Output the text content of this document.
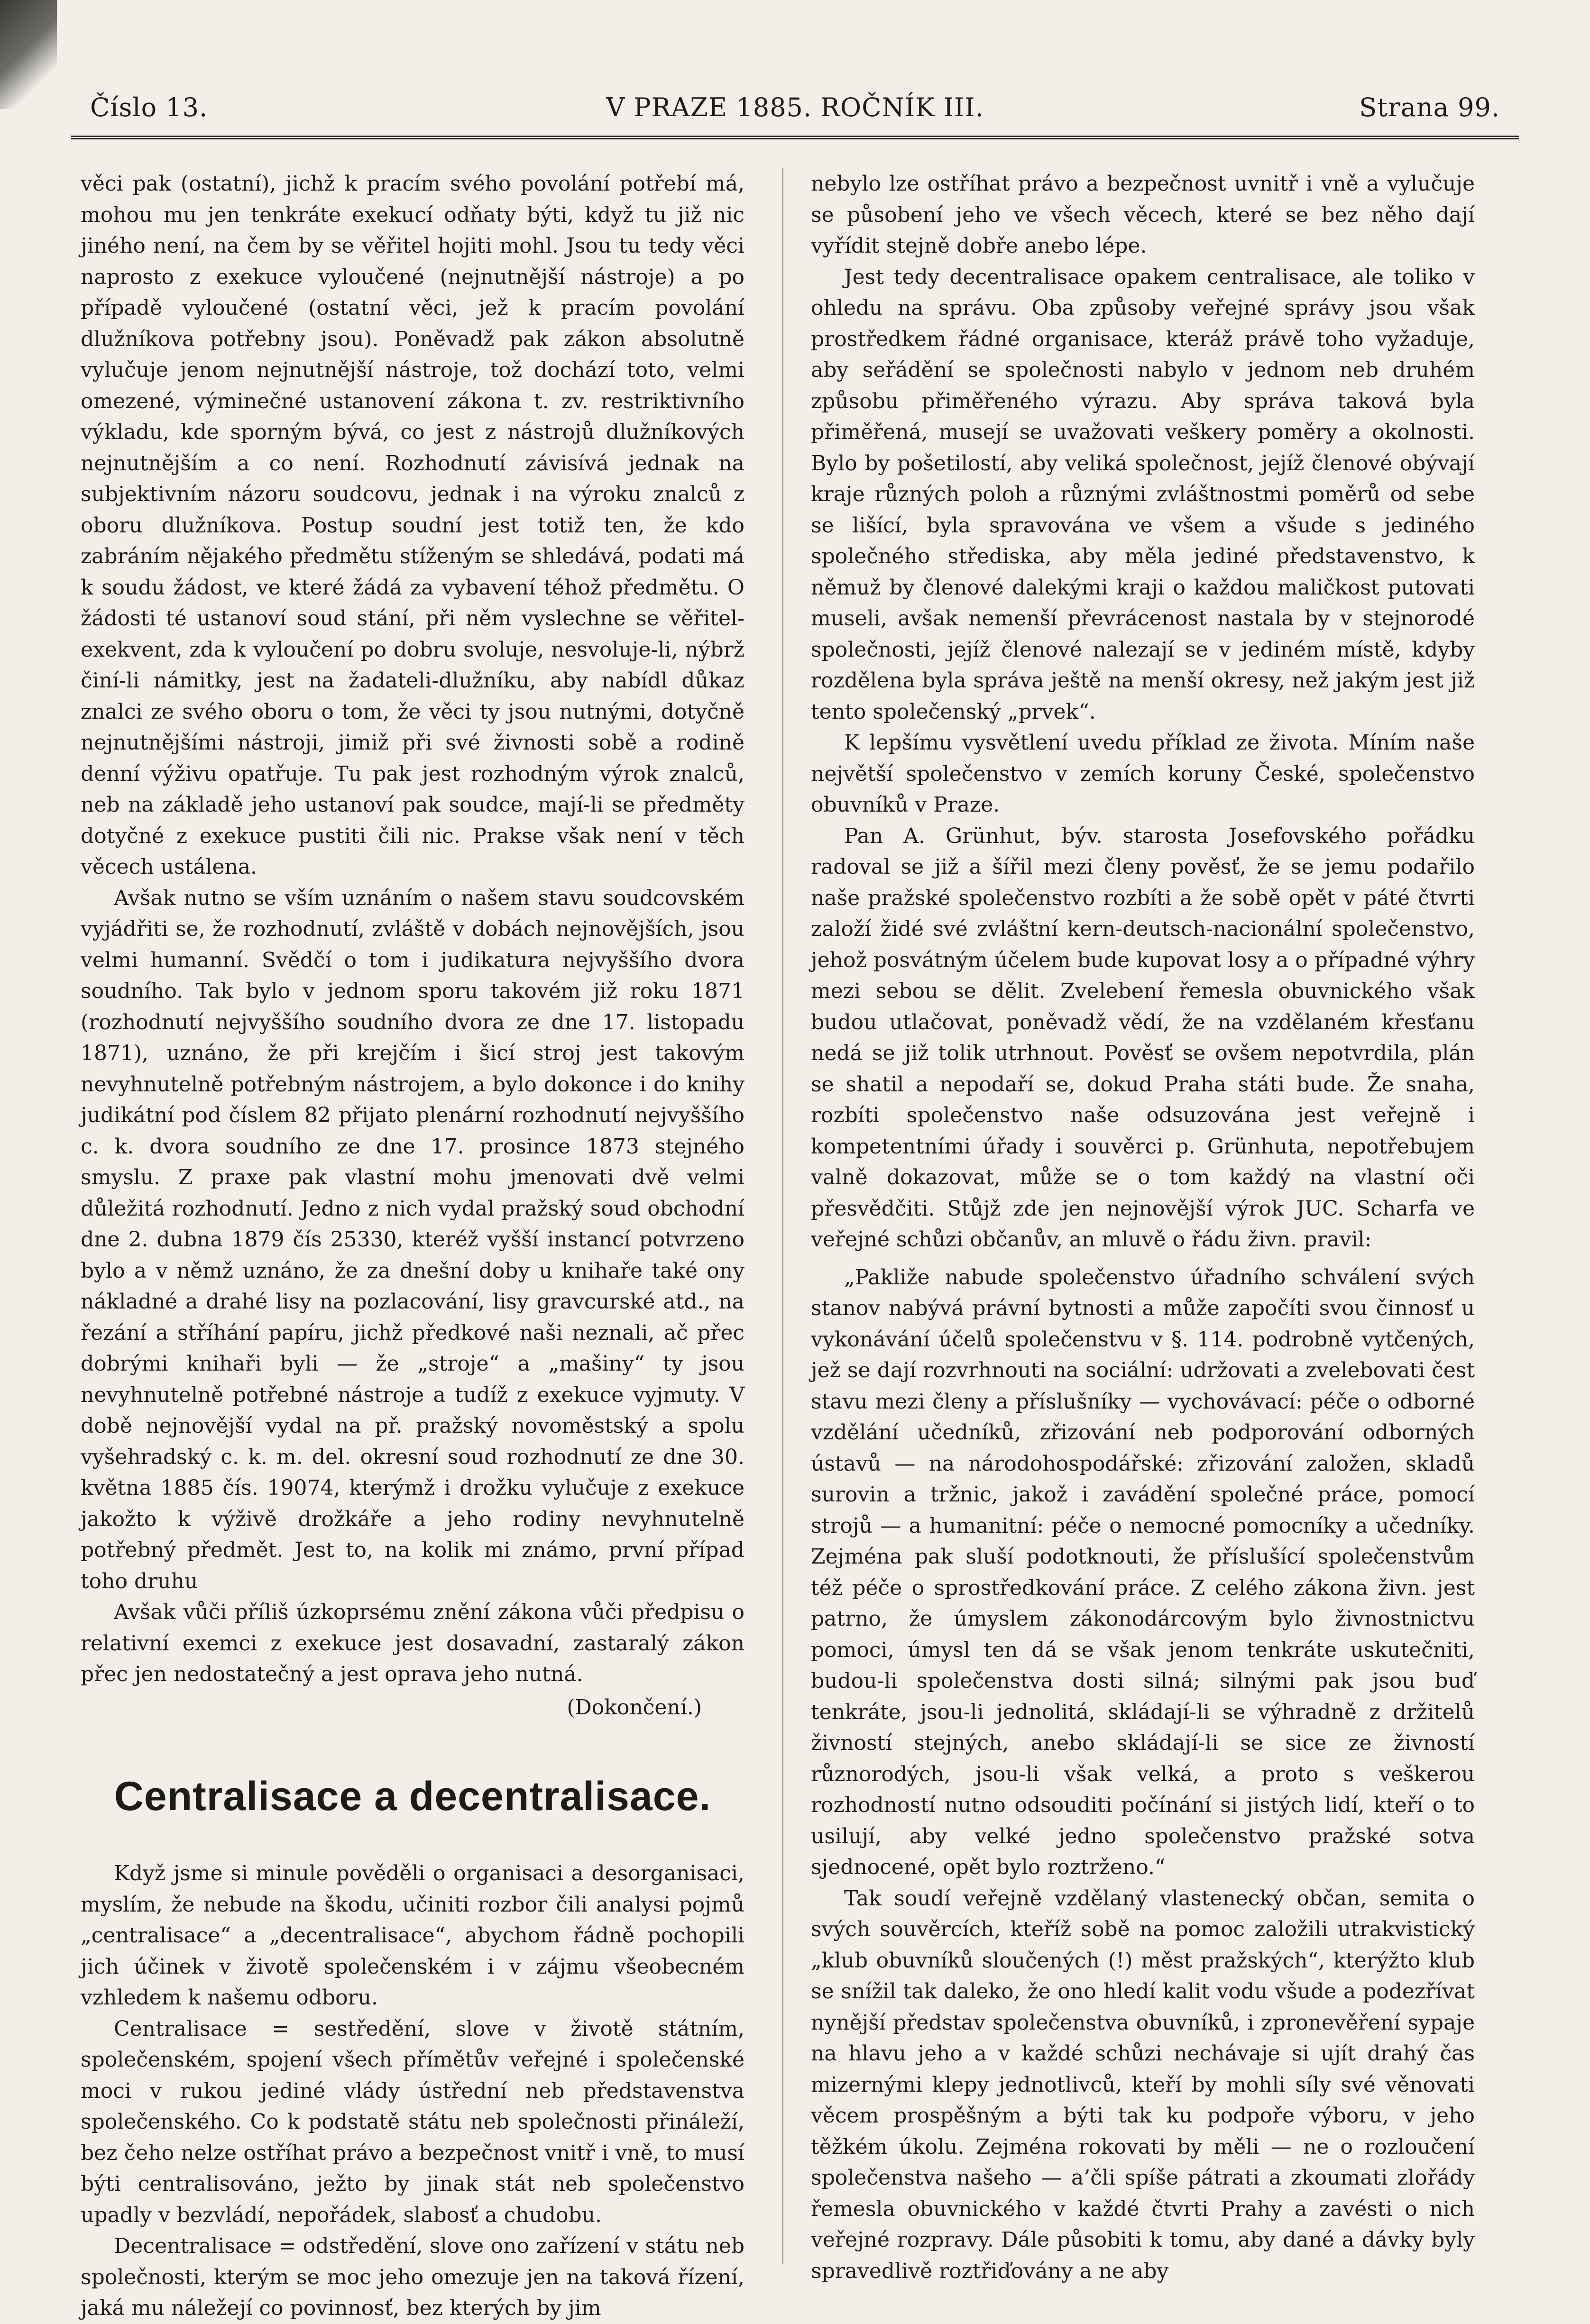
Číslo 13.	V PRAZE 1885. ROČNÍK III.	Strana 99.

věci pak (ostatní), jichž k pracím svého povolání potřebí má, mohou mu jen tenkráte exekucí odňaty býti, když tu již nic jiného není, na čem by se věřitel hojiti mohl. Jsou tu tedy věci naprosto z exekuce vyloučené (nejnutnější nástroje) a po případě vyloučené (ostatní věci, jež k pracím povolání dlužníkova potřebny jsou). Poněvadž pak zákon absolutně vylučuje jenom nejnutnější nástroje, tož dochází toto, velmi omezené, výminečné ustanovení zákona t. zv. restriktivního výkladu, kde sporným bývá, co jest z nástrojů dlužníkových nejnutnějším a co není. Rozhodnutí závisívá jednak na subjektivním názoru soudcovu, jednak i na výroku znalců z oboru dlužníkova. Postup soudní jest totiž ten, že kdo zabráním nějakého předmětu stíženým se shledává, podati má k soudu žádost, ve které žádá za vybavení téhož předmětu. O žádosti té ustanoví soud stání, při něm vyslechne se věřitel-exekvent, zda k vyloučení po dobru svoluje, nesvoluje-li, nýbrž činí-li námitky, jest na žadateli-dlužníku, aby nabídl důkaz znalci ze svého oboru o tom, že věci ty jsou nutnými, dotyčně nejnutnějšími nástroji, jimiž při své živnosti sobě a rodině denní výživu opatřuje. Tu pak jest rozhodným výrok znalců, neb na základě jeho ustanoví pak soudce, mají-li se předměty dotyčné z exekuce pustiti čili nic. Prakse však není v těch věcech ustálena.

Avšak nutno se vším uznáním o našem stavu soudcovském vyjádřiti se, že rozhodnutí, zvláště v dobách nejnovějších, jsou velmi humanní. Svědčí o tom i judikatura nejvyššího dvora soudního. Tak bylo v jednom sporu takovém již roku 1871 (rozhodnutí nejvyššího soudního dvora ze dne 17. listopadu 1871), uznáno, že při krejčím i šicí stroj jest takovým nevyhnutelně potřebným nástrojem, a bylo dokonce i do knihy judikátní pod číslem 82 přijato plenární rozhodnutí nejvyššího c. k. dvora soudního ze dne 17. prosince 1873 stejného smyslu. Z praxe pak vlastní mohu jmenovati dvě velmi důležitá rozhodnutí. Jedno z nich vydal pražský soud obchodní dne 2. dubna 1879 čís 25330, kteréž vyšší instancí potvrzeno bylo a v němž uznáno, že za dnešní doby u knihaře také ony nákladné a drahé lisy na pozlacování, lisy gravcurské atd., na řezání a stříhání papíru, jichž předkové naši neznali, ač přec dobrými knihaři byli — že „stroje“ a „mašiny“ ty jsou nevyhnutelně potřebné nástroje a tudíž z exekuce vyjmuty. V době nejnovější vydal na př. pražský novoměstský a spolu vyšehradský c. k. m. del. okresní soud rozhodnutí ze dne 30. května 1885 čís. 19074, kterýmž i drožku vylučuje z exekuce jakožto k výživě drožkáře a jeho rodiny nevyhnutelně potřebný předmět. Jest to, na kolik mi známo, první případ toho druhu

Avšak vůči příliš úzkoprsému znění zákona vůči předpisu o relativní exemci z exekuce jest dosavadní, zastaralý zákon přec jen nedostatečný a jest oprava jeho nutná.

(Dokončení.)
Centralisace a decentralisace.

Když jsme si minule pověděli o organisaci a desorganisaci, myslím, že nebude na škodu, učiniti rozbor čili analysi pojmů „centralisace“ a „decentralisace“, abychom řádně pochopili jich účinek v životě společenském i v zájmu všeobecném vzhledem k našemu odboru.

Centralisace = sestředění, slove v životě státním, společenském, spojení všech přímětův veřejné i společenské moci v rukou jediné vlády ústřední neb představenstva společenského. Co k podstatě státu neb společnosti přináleží, bez čeho nelze ostříhat právo a bezpečnost vnitř i vně, to musí býti centralisováno, ježto by jinak stát neb společenstvo upadly v bezvládí, nepořádek, slabosť a chudobu.

Decentralisace = odstředění, slove ono zařízení v státu neb společnosti, kterým se moc jeho omezuje jen na taková řízení, jaká mu náležejí co povinnosť, bez kterých by jim

nebylo lze ostříhat právo a bezpečnost uvnitř i vně a vylučuje se působení jeho ve všech věcech, které se bez něho dají vyřídit stejně dobře anebo lépe.

Jest tedy decentralisace opakem centralisace, ale toliko v ohledu na správu. Oba způsoby veřejné správy jsou však prostředkem řádné organisace, kteráž právě toho vyžaduje, aby seřádění se společnosti nabylo v jednom neb druhém způsobu přiměřeného výrazu. Aby správa taková byla přiměřená, musejí se uvažovati veškery poměry a okolnosti. Bylo by pošetilostí, aby veliká společnost, jejíž členové obývají kraje různých poloh a různými zvláštnostmi poměrů od sebe se lišící, byla spravována ve všem a všude s jediného společného střediska, aby měla jediné představenstvo, k němuž by členové dalekými kraji o každou maličkost putovati museli, avšak nemenší převrácenost nastala by v stejnorodé společnosti, jejíž členové nalezají se v jediném místě, kdyby rozdělena byla správa ještě na menší okresy, než jakým jest již tento společenský „prvek“.

K lepšímu vysvětlení uvedu příklad ze života. Míním naše největší společenstvo v zemích koruny České, společenstvo obuvníků v Praze.

Pan A. Grünhut, býv. starosta Josefovského pořádku radoval se již a šířil mezi členy pověsť, že se jemu podařilo naše pražské společenstvo rozbíti a že sobě opět v páté čtvrti založí židé své zvláštní kern-deutsch-nacionální společenstvo, jehož posvátným účelem bude kupovat losy a o případné výhry mezi sebou se dělit. Zvelebení řemesla obuvnického však budou utlačovat, poněvadž vědí, že na vzdělaném křesťanu nedá se již tolik utrhnout. Pověsť se ovšem nepotvrdila, plán se shatil a nepodaří se, dokud Praha státi bude. Že snaha, rozbíti společenstvo naše odsuzována jest veřejně i kompetentními úřady i souvěrci p. Grünhuta, nepotřebujem valně dokazovat, může se o tom každý na vlastní oči přesvědčiti. Stůjž zde jen nejnovější výrok JUC. Scharfa ve veřejné schůzi občanův, an mluvě o řádu živn. pravil:

„Pakliže nabude společenstvo úřadního schválení svých stanov nabývá právní bytnosti a může započíti svou činnosť u vykonávání účelů společenstvu v §. 114. podrobně vytčených, jež se dají rozvrhnouti na sociální: udržovati a zvelebovati čest stavu mezi členy a příslušníky — vychovávací: péče o odborné vzdělání učedníků, zřizování neb podporování odborných ústavů — na národohospodářské: zřizování založen, skladů surovin a tržnic, jakož i zavádění společné práce, pomocí strojů — a humanitní: péče o nemocné pomocníky a učedníky. Zejména pak sluší podotknouti, že příslušící společenstvům též péče o sprostředkování práce. Z celého zákona živn. jest patrno, že úmyslem zákonodárcovým bylo živnostnictvu pomoci, úmysl ten dá se však jenom tenkráte uskutečniti, budou-li společenstva dosti silná; silnými pak jsou buď tenkráte, jsou-li jednolitá, skládají-li se výhradně z držitelů živností stejných, anebo skládají-li se sice ze živností různorodých, jsou-li však velká, a proto s veškerou rozhodností nutno odsouditi počínání si jistých lidí, kteří o to usilují, aby velké jedno společenstvo pražské sotva sjednocené, opět bylo roztrženo.“

Tak soudí veřejně vzdělaný vlastenecký občan, semita o svých souvěrcích, kteříž sobě na pomoc založili utrakvistický „klub obuvníků sloučených (!) měst pražských“, kterýžto klub se snížil tak daleko, že ono hledí kalit vodu všude a podezřívat nynější představ společenstva obuvníků, i zpronevěření sypaje na hlavu jeho a v každé schůzi nechávaje si ujít drahý čas mizernými klepy jednotlivců, kteří by mohli síly své věnovati věcem prospěšným a býti tak ku podpoře výboru, v jeho těžkém úkolu. Zejména rokovati by měli — ne o rozloučení společenstva našeho — a’čli spíše pátrati a zkoumati zlořády řemesla obuvnického v každé čtvrti Prahy a zavésti o nich veřejné rozpravy. Dále působiti k tomu, aby dané a dávky byly spravedlivě roztřiďovány a ne aby
